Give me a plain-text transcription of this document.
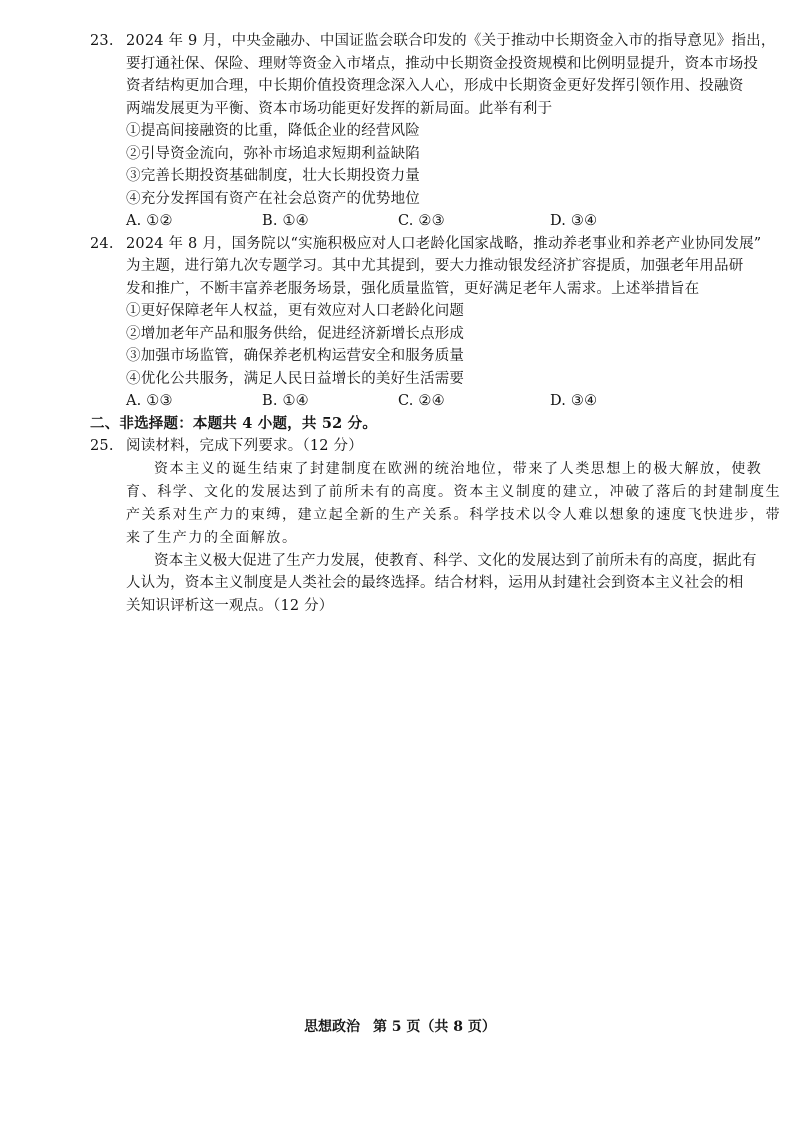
23. 2024 年 9 月，中央金融办、中国证监会联合印发的《关于推动中长期资金入市的指导意见》指出，
要打通社保、保险、理财等资金入市堵点，推动中长期资金投资规模和比例明显提升，资本市场投
资者结构更加合理，中长期价值投资理念深入人心，形成中长期资金更好发挥引领作用、投融资
两端发展更为平衡、资本市场功能更好发挥的新局面。此举有利于
①提高间接融资的比重，降低企业的经营风险
②引导资金流向，弥补市场追求短期利益缺陷
③完善长期投资基础制度，壮大长期投资力量
④充分发挥国有资产在社会总资产的优势地位
A. ①②	B. ①④	C. ②③	D. ③④
24. 2024 年 8 月，国务院以“实施积极应对人口老龄化国家战略，推动养老事业和养老产业协同发展”
为主题，进行第九次专题学习。其中尤其提到，要大力推动银发经济扩容提质，加强老年用品研
发和推广，不断丰富养老服务场景，强化质量监管，更好满足老年人需求。上述举措旨在
①更好保障老年人权益，更有效应对人口老龄化问题
②增加老年产品和服务供给，促进经济新增长点形成
③加强市场监管，确保养老机构运营安全和服务质量
④优化公共服务，满足人民日益增长的美好生活需要
A. ①③	B. ①④	C. ②④	D. ③④
二、非选择题：本题共 4 小题，共 52 分。
25. 阅读材料，完成下列要求。（12 分）
资本主义的诞生结束了封建制度在欧洲的统治地位，带来了人类思想上的极大解放，使教
育、科学、文化的发展达到了前所未有的高度。资本主义制度的建立，冲破了落后的封建制度生
产关系对生产力的束缚，建立起全新的生产关系。科学技术以令人难以想象的速度飞快进步，带
来了生产力的全面解放。
资本主义极大促进了生产力发展，使教育、科学、文化的发展达到了前所未有的高度，据此有
人认为，资本主义制度是人类社会的最终选择。结合材料，运用从封建社会到资本主义社会的相
关知识评析这一观点。（12 分）
思想政治 第 5 页（共 8 页）
